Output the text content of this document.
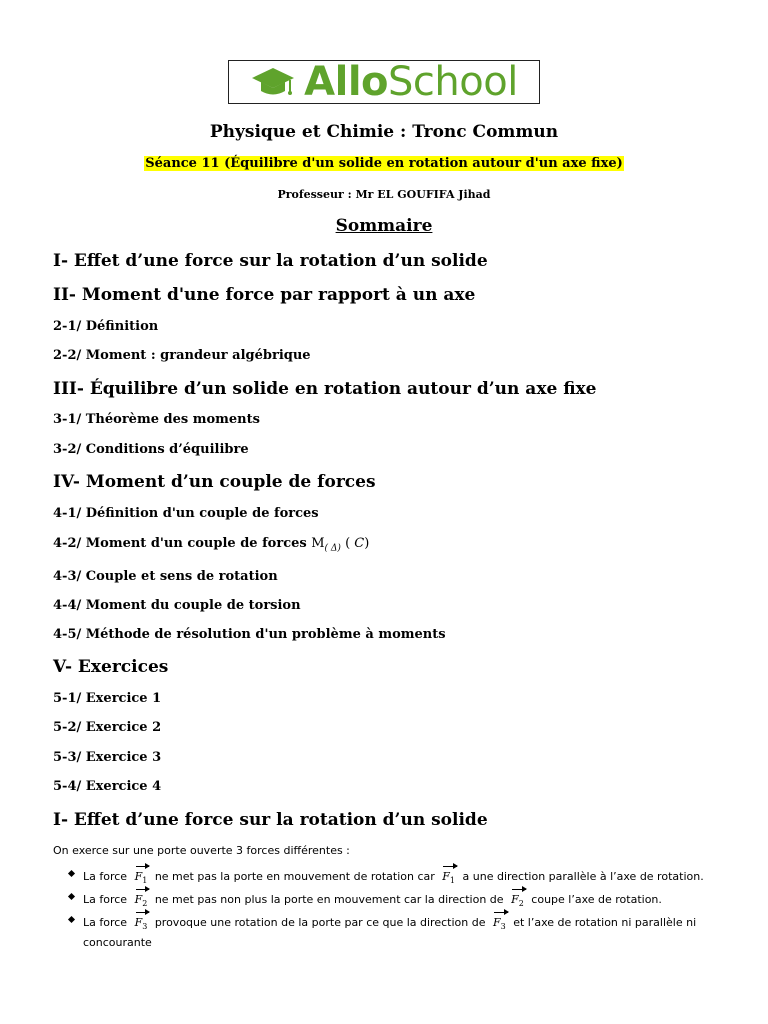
AlloSchool
Physique et Chimie : Tronc Commun
Séance 11 (Équilibre d'un solide en rotation autour d'un axe fixe)
Professeur : Mr EL GOUFIFA Jihad
Sommaire
I- Effet d’une force sur la rotation d’un solide
II- Moment d'une force par rapport à un axe
2-1/ Définition
2-2/ Moment : grandeur algébrique
III- Équilibre d’un solide en rotation autour d’un axe fixe
3-1/ Théorème des moments
3-2/ Conditions d’équilibre
IV- Moment d’un couple de forces
4-1/ Définition d'un couple de forces
4-2/ Moment d'un couple de forces $M_{( \Delta)}$ ( C)
4-3/ Couple et sens de rotation
4-4/ Moment du couple de torsion
4-5/ Méthode de résolution d'un problème à moments
V- Exercices
5-1/ Exercice 1
5-2/ Exercice 2
5-3/ Exercice 3
5-4/ Exercice 4
I- Effet d’une force sur la rotation d’un solide
On exerce sur une porte ouverte 3 forces différentes :
La force $F_1$ ne met pas la porte en mouvement de rotation car $F_1$ a une direction parallèle à l’axe de rotation.
La force $F_2$ ne met pas non plus la porte en mouvement car la direction de $F_2$ coupe l’axe de rotation.
La force $F_3$ provoque une rotation de la porte par ce que la direction de $F_3$ et l’axe de rotation ni parallèle ni concourante
